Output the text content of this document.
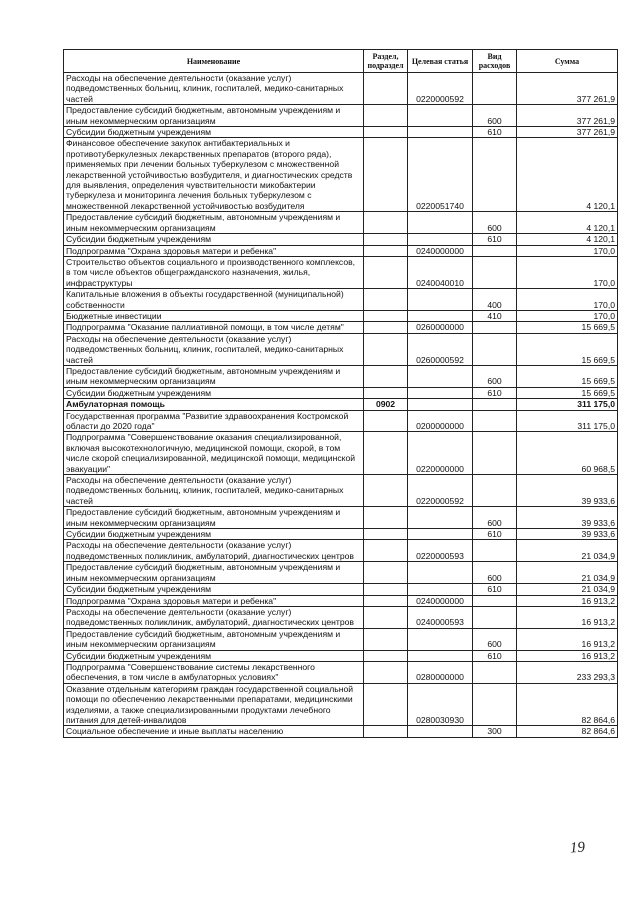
Наименование	Раздел, подраздел	Целевая статья	Вид расходов	Сумма
Расходы на обеспечение деятельности (оказание услуг) подведомственных больниц, клиник, госпиталей, медико-санитарных частей		0220000592		377 261,9
Предоставление субсидий бюджетным, автономным учреждениям и иным некоммерческим организациям			600	377 261,9
Субсидии бюджетным учреждениям			610	377 261,9
Финансовое обеспечение закупок антибактериальных и противотуберкулезных лекарственных препаратов (второго ряда), применяемых при лечении больных туберкулезом с множественной лекарственной устойчивостью возбудителя, и диагностических средств для выявления, определения чувствительности микобактерии туберкулеза и мониторинга лечения больных туберкулезом с множественной лекарственной устойчивостью возбудителя		0220051740		4 120,1
Предоставление субсидий бюджетным, автономным учреждениям и иным некоммерческим организациям			600	4 120,1
Субсидии бюджетным учреждениям			610	4 120,1
Подпрограмма "Охрана здоровья матери и ребенка"		0240000000		170,0
Строительство объектов социального и производственного комплексов, в том числе объектов общегражданского назначения, жилья, инфраструктуры		0240040010		170,0
Капитальные вложения в объекты государственной (муниципальной) собственности			400	170,0
Бюджетные инвестиции			410	170,0
Подпрограмма "Оказание паллиативной помощи, в том числе детям"		0260000000		15 669,5
Расходы на обеспечение деятельности (оказание услуг) подведомственных больниц, клиник, госпиталей, медико-санитарных частей		0260000592		15 669,5
Предоставление субсидий бюджетным, автономным учреждениям и иным некоммерческим организациям			600	15 669,5
Субсидии бюджетным учреждениям			610	15 669,5
Амбулаторная помощь	0902			311 175,0
Государственная программа "Развитие здравоохранения Костромской области до 2020 года"		0200000000		311 175,0
Подпрограмма "Совершенствование оказания специализированной, включая высокотехнологичную, медицинской помощи, скорой, в том числе скорой специализированной, медицинской помощи, медицинской эвакуации"		0220000000		60 968,5
Расходы на обеспечение деятельности (оказание услуг) подведомственных больниц, клиник, госпиталей, медико-санитарных частей		0220000592		39 933,6
Предоставление субсидий бюджетным, автономным учреждениям и иным некоммерческим организациям			600	39 933,6
Субсидии бюджетным учреждениям			610	39 933,6
Расходы на обеспечение деятельности (оказание услуг) подведомственных поликлиник, амбулаторий, диагностических центров		0220000593		21 034,9
Предоставление субсидий бюджетным, автономным учреждениям и иным некоммерческим организациям			600	21 034,9
Субсидии бюджетным учреждениям			610	21 034,9
Подпрограмма "Охрана здоровья матери и ребенка"		0240000000		16 913,2
Расходы на обеспечение деятельности (оказание услуг) подведомственных поликлиник, амбулаторий, диагностических центров		0240000593		16 913,2
Предоставление субсидий бюджетным, автономным учреждениям и иным некоммерческим организациям			600	16 913,2
Субсидии бюджетным учреждениям			610	16 913,2
Подпрограмма "Совершенствование системы лекарственного обеспечения, в том числе в амбулаторных условиях"		0280000000		233 293,3
Оказание отдельным категориям граждан государственной социальной помощи по обеспечению лекарственными препаратами, медицинскими изделиями, а также специализированными продуктами лечебного питания для детей-инвалидов		0280030930		82 864,6
Социальное обеспечение и иные выплаты населению			300	82 864,6
19
